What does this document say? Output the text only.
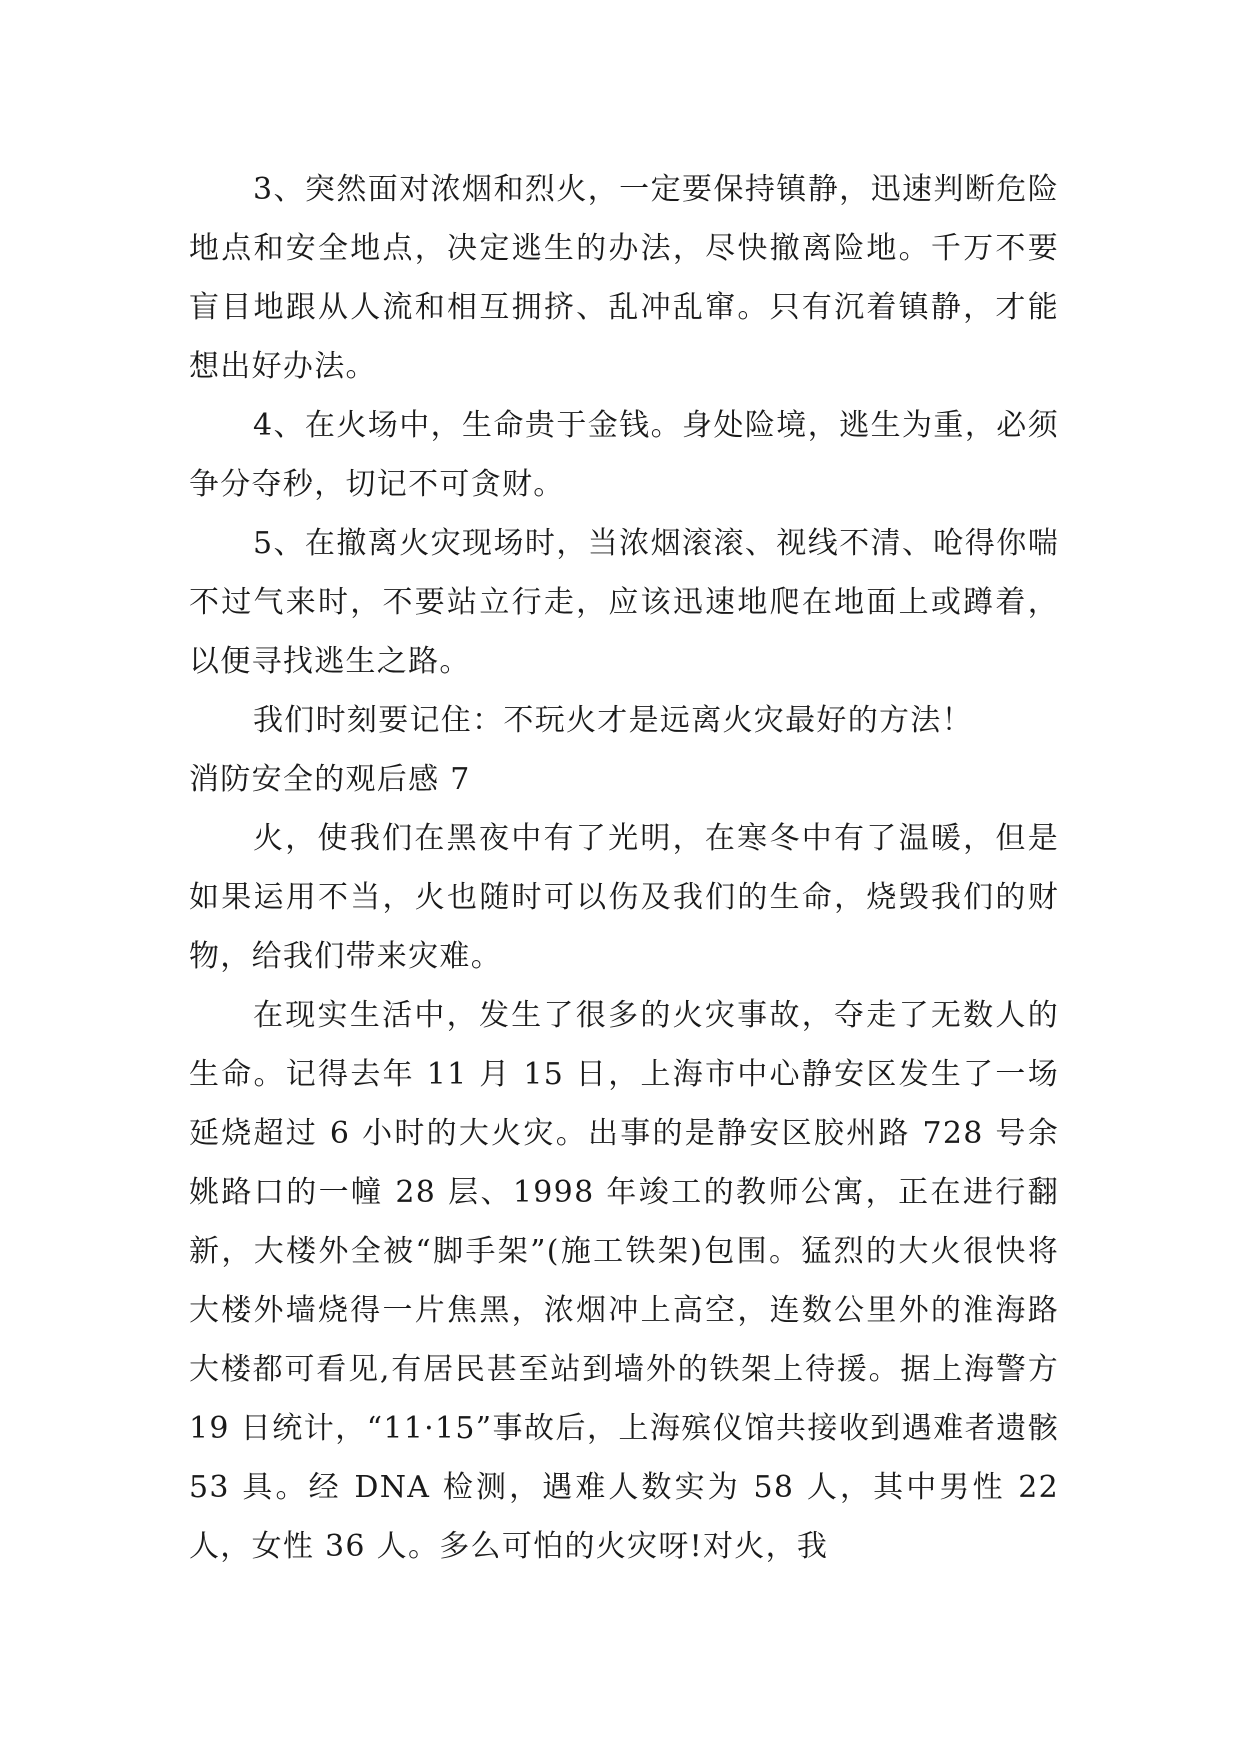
3、突然面对浓烟和烈火，一定要保持镇静，迅速判断危险地点和安全地点，决定逃生的办法，尽快撤离险地。千万不要盲目地跟从人流和相互拥挤、乱冲乱窜。只有沉着镇静，才能想出好办法。

4、在火场中，生命贵于金钱。身处险境，逃生为重，必须争分夺秒，切记不可贪财。

5、在撤离火灾现场时，当浓烟滚滚、视线不清、呛得你喘不过气来时，不要站立行走，应该迅速地爬在地面上或蹲着，以便寻找逃生之路。

我们时刻要记住：不玩火才是远离火灾最好的方法！

消防安全的观后感 7

火，使我们在黑夜中有了光明，在寒冬中有了温暖，但是如果运用不当，火也随时可以伤及我们的生命，烧毁我们的财物，给我们带来灾难。

在现实生活中，发生了很多的火灾事故，夺走了无数人的生命。记得去年 11 月 15 日，上海市中心静安区发生了一场延烧超过 6 小时的大火灾。出事的是静安区胶州路 728 号余姚路口的一幢 28 层、1998 年竣工的教师公寓，正在进行翻新，大楼外全被“脚手架”(施工铁架)包围。猛烈的大火很快将大楼外墙烧得一片焦黑，浓烟冲上高空，连数公里外的淮海路大楼都可看见,有居民甚至站到墙外的铁架上待援。据上海警方 19 日统计，“11·15”事故后，上海殡仪馆共接收到遇难者遗骸 53 具。经 DNA 检测，遇难人数实为 58 人，其中男性 22 人，女性 36 人。多么可怕的火灾呀!对火，我
